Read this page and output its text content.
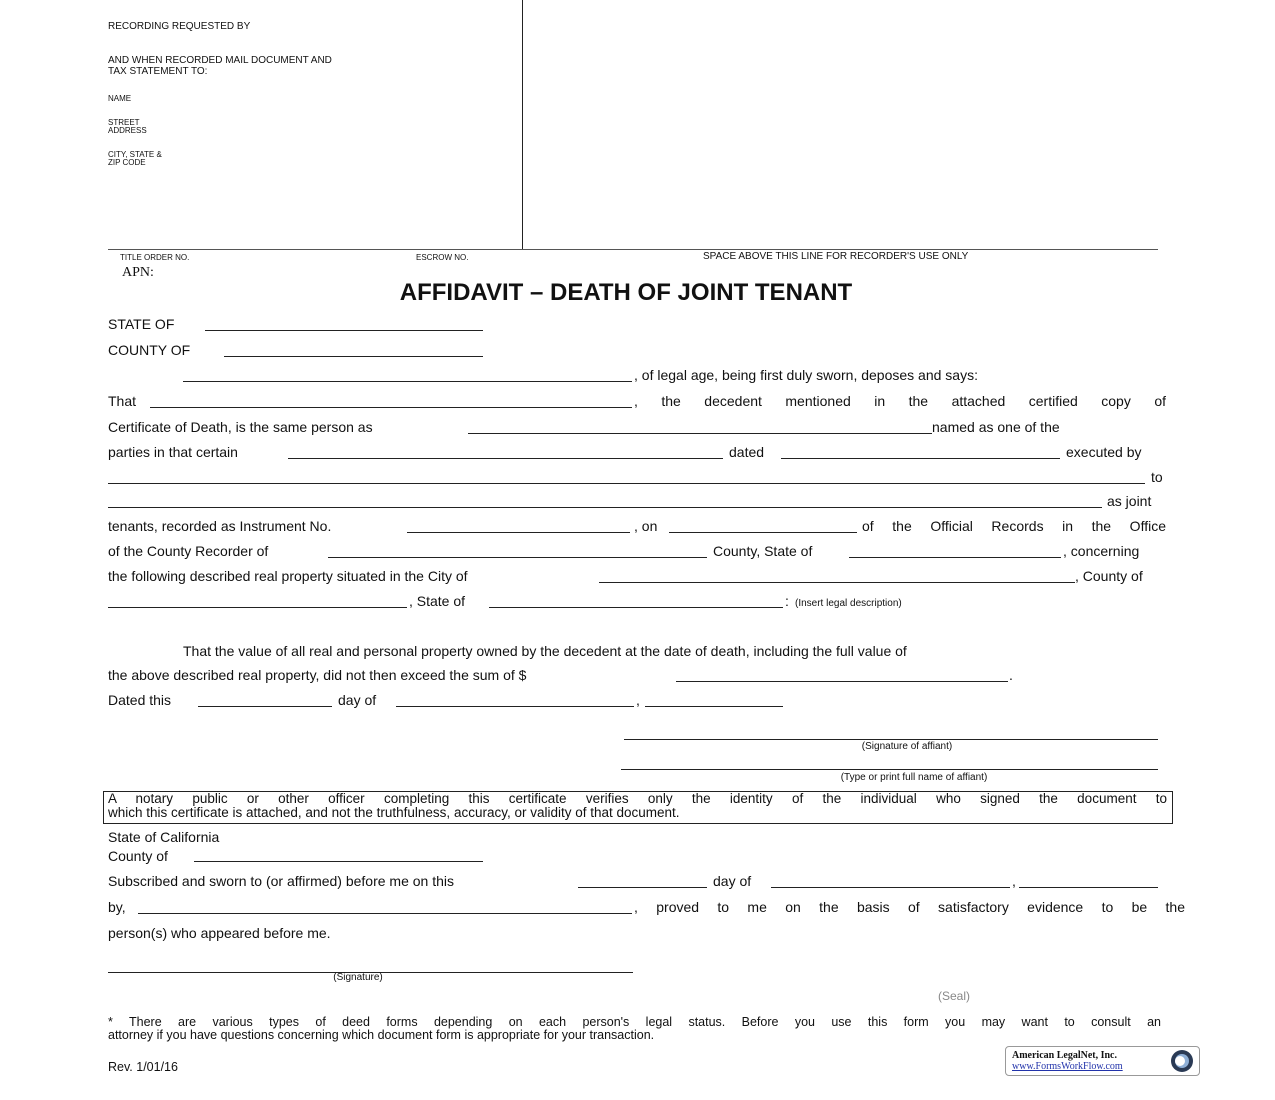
RECORDING REQUESTED BY
AND WHEN RECORDED MAIL DOCUMENT AND
TAX STATEMENT TO:
NAME
STREET
ADDRESS
CITY, STATE &
ZIP CODE
TITLE ORDER NO.	ESCROW NO.	SPACE ABOVE THIS LINE FOR RECORDER'S USE ONLY
APN:
AFFIDAVIT – DEATH OF JOINT TENANT
STATE OF
COUNTY OF
, of legal age, being first duly sworn, deposes and says:
That	, the decedent mentioned in the attached certified copy of
Certificate of Death, is the same person as	named as one of the
parties in that certain	dated	executed by
to
as joint
tenants, recorded as Instrument No.	, on	of the Official Records in the Office
of the County Recorder of	County, State of	, concerning
the following described real property situated in the City of	, County of
, State of	: (Insert legal description)
That the value of all real and personal property owned by the decedent at the date of death, including the full value of
the above described real property, did not then exceed the sum of $	.
Dated this	day of	,
(Signature of affiant)
(Type or print full name of affiant)
A notary public or other officer completing this certificate verifies only the identity of the individual who signed the document to
which this certificate is attached, and not the truthfulness, accuracy, or validity of that document.
State of California
County of
Subscribed and sworn to (or affirmed) before me on this	day of	,
by,	, proved to me on the basis of satisfactory evidence to be the
person(s) who appeared before me.
(Signature)
(Seal)
* There are various types of deed forms depending on each person's legal status. Before you use this form you may want to consult an
attorney if you have questions concerning which document form is appropriate for your transaction.
Rev. 1/01/16
American LegalNet, Inc.
www.FormsWorkFlow.com
